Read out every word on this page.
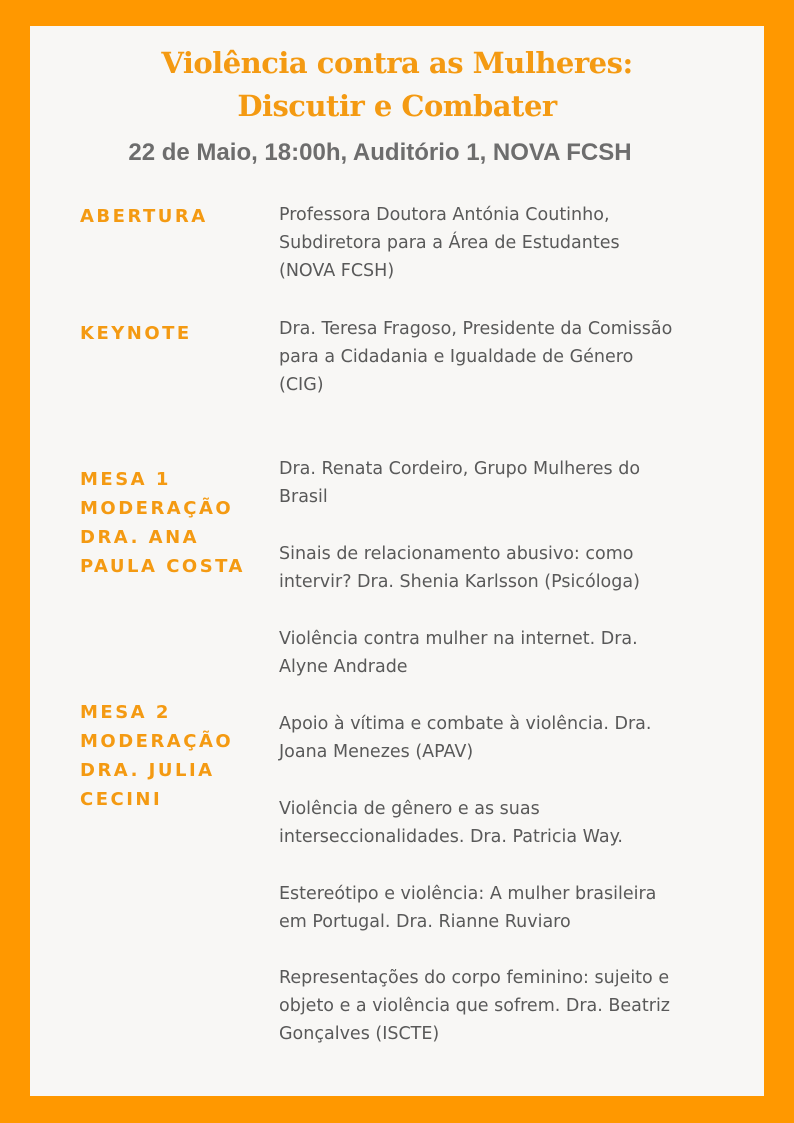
Violência contra as Mulheres:
Discutir e Combater
22 de Maio, 18:00h, Auditório 1, NOVA FCSH
ABERTURA	Professora Doutora Antónia Coutinho,
Subdiretora para a Área de Estudantes
(NOVA FCSH)
KEYNOTE	Dra. Teresa Fragoso, Presidente da Comissão
para a Cidadania e Igualdade de Género
(CIG)
MESA 1
MODERAÇÃO
DRA. ANA
PAULA COSTA
MESA 2
MODERAÇÃO
DRA. JULIA
CECINI
Dra. Renata Cordeiro, Grupo Mulheres do
Brasil
Sinais de relacionamento abusivo: como
intervir? Dra. Shenia Karlsson (Psicóloga)
Violência contra mulher na internet. Dra.
Alyne Andrade
Apoio à vítima e combate à violência. Dra.
Joana Menezes (APAV)
Violência de gênero e as suas
interseccionalidades. Dra. Patricia Way.
Estereótipo e violência: A mulher brasileira
em Portugal. Dra. Rianne Ruviaro
Representações do corpo feminino: sujeito e
objeto e a violência que sofrem. Dra. Beatriz
Gonçalves (ISCTE)
